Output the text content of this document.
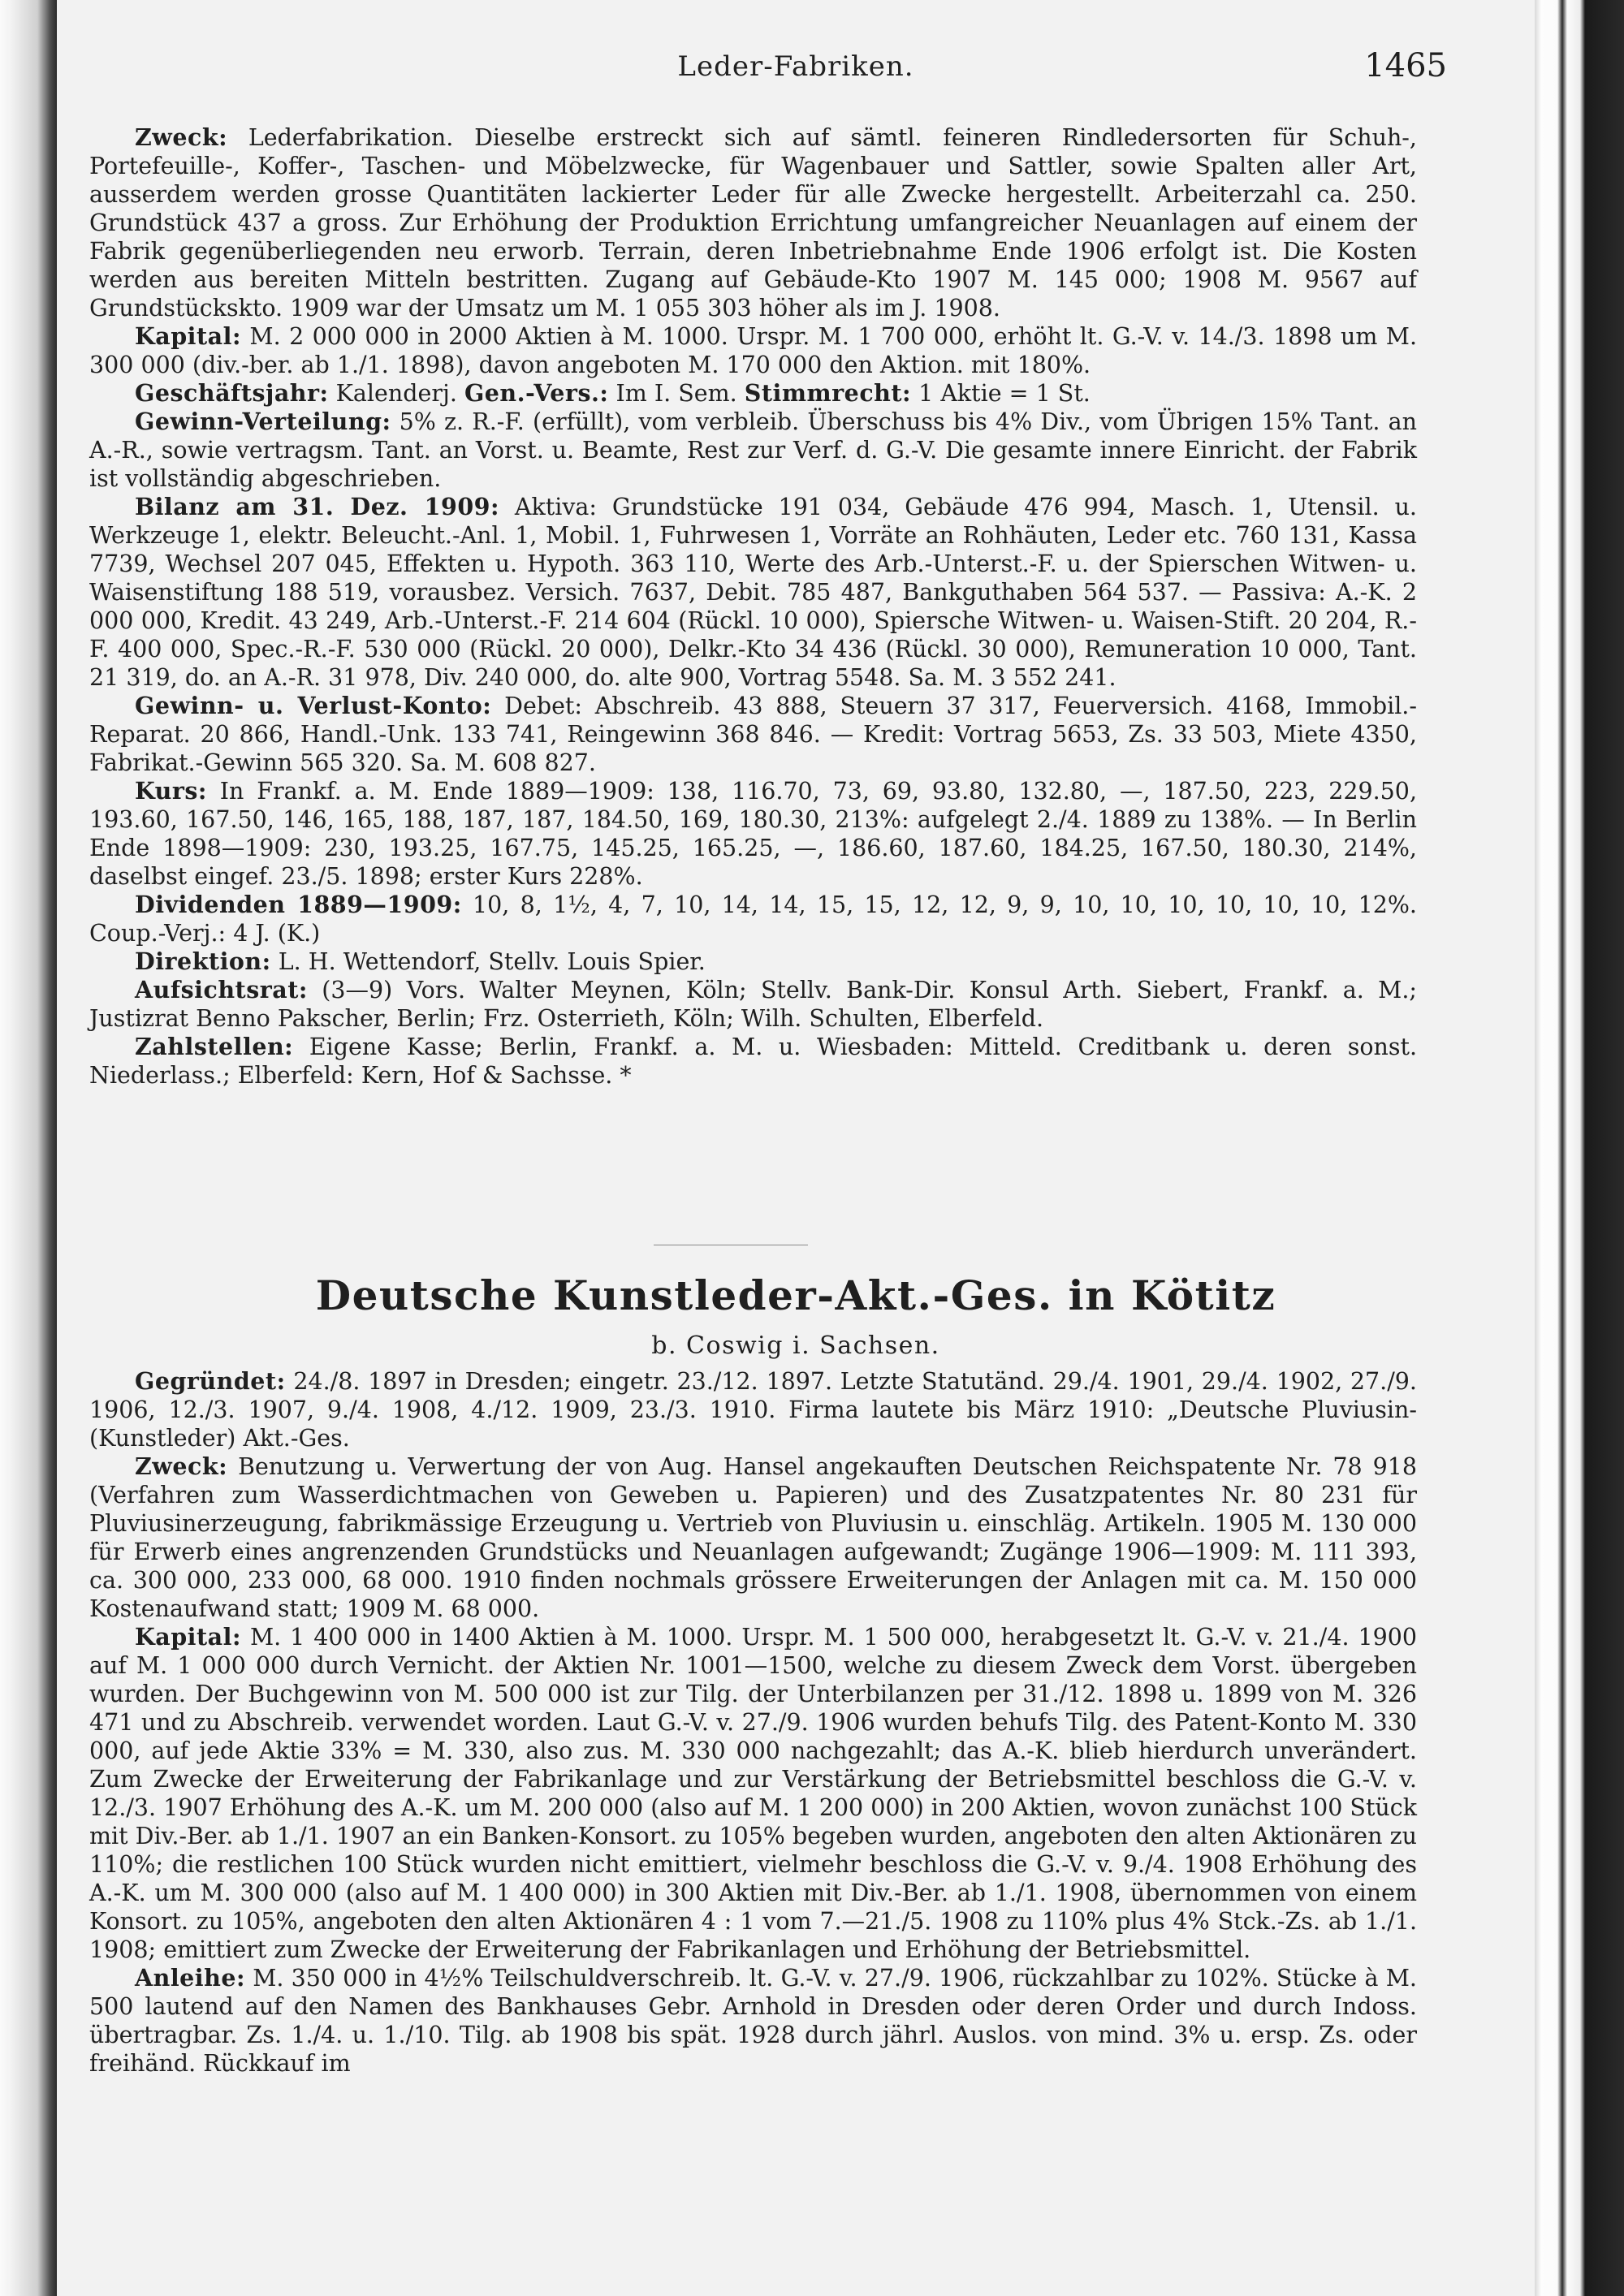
Leder-Fabriken.	1465

Zweck: Lederfabrikation. Dieselbe erstreckt sich auf sämtl. feineren Rindledersorten für Schuh-, Portefeuille-, Koffer-, Taschen- und Möbelzwecke, für Wagenbauer und Sattler, sowie Spalten aller Art, ausserdem werden grosse Quantitäten lackierter Leder für alle Zwecke hergestellt. Arbeiterzahl ca. 250. Grundstück 437 a gross. Zur Erhöhung der Produktion Errichtung umfangreicher Neuanlagen auf einem der Fabrik gegenüberliegenden neu erworb. Terrain, deren Inbetriebnahme Ende 1906 erfolgt ist. Die Kosten werden aus bereiten Mitteln bestritten. Zugang auf Gebäude-Kto 1907 M. 145 000; 1908 M. 9567 auf Grundstückskto. 1909 war der Umsatz um M. 1 055 303 höher als im J. 1908.

Kapital: M. 2 000 000 in 2000 Aktien à M. 1000. Urspr. M. 1 700 000, erhöht lt. G.-V. v. 14./3. 1898 um M. 300 000 (div.-ber. ab 1./1. 1898), davon angeboten M. 170 000 den Aktion. mit 180%.

Geschäftsjahr: Kalenderj. Gen.-Vers.: Im I. Sem. Stimmrecht: 1 Aktie = 1 St.

Gewinn-Verteilung: 5% z. R.-F. (erfüllt), vom verbleib. Überschuss bis 4% Div., vom Übrigen 15% Tant. an A.-R., sowie vertragsm. Tant. an Vorst. u. Beamte, Rest zur Verf. d. G.-V. Die gesamte innere Einricht. der Fabrik ist vollständig abgeschrieben.

Bilanz am 31. Dez. 1909: Aktiva: Grundstücke 191 034, Gebäude 476 994, Masch. 1, Utensil. u. Werkzeuge 1, elektr. Beleucht.-Anl. 1, Mobil. 1, Fuhrwesen 1, Vorräte an Rohhäuten, Leder etc. 760 131, Kassa 7739, Wechsel 207 045, Effekten u. Hypoth. 363 110, Werte des Arb.-Unterst.-F. u. der Spierschen Witwen- u. Waisenstiftung 188 519, vorausbez. Versich. 7637, Debit. 785 487, Bankguthaben 564 537. — Passiva: A.-K. 2 000 000, Kredit. 43 249, Arb.-Unterst.-F. 214 604 (Rückl. 10 000), Spiersche Witwen- u. Waisen-Stift. 20 204, R.-F. 400 000, Spec.-R.-F. 530 000 (Rückl. 20 000), Delkr.-Kto 34 436 (Rückl. 30 000), Remuneration 10 000, Tant. 21 319, do. an A.-R. 31 978, Div. 240 000, do. alte 900, Vortrag 5548. Sa. M. 3 552 241.

Gewinn- u. Verlust-Konto: Debet: Abschreib. 43 888, Steuern 37 317, Feuerversich. 4168, Immobil.-Reparat. 20 866, Handl.-Unk. 133 741, Reingewinn 368 846. — Kredit: Vortrag 5653, Zs. 33 503, Miete 4350, Fabrikat.-Gewinn 565 320. Sa. M. 608 827.

Kurs: In Frankf. a. M. Ende 1889—1909: 138, 116.70, 73, 69, 93.80, 132.80, —, 187.50, 223, 229.50, 193.60, 167.50, 146, 165, 188, 187, 187, 184.50, 169, 180.30, 213%: aufgelegt 2./4. 1889 zu 138%. — In Berlin Ende 1898—1909: 230, 193.25, 167.75, 145.25, 165.25, —, 186.60, 187.60, 184.25, 167.50, 180.30, 214%, daselbst eingef. 23./5. 1898; erster Kurs 228%.

Dividenden 1889—1909: 10, 8, 1½, 4, 7, 10, 14, 14, 15, 15, 12, 12, 9, 9, 10, 10, 10, 10, 10, 10, 12%. Coup.-Verj.: 4 J. (K.)

Direktion: L. H. Wettendorf, Stellv. Louis Spier.

Aufsichtsrat: (3—9) Vors. Walter Meynen, Köln; Stellv. Bank-Dir. Konsul Arth. Siebert, Frankf. a. M.; Justizrat Benno Pakscher, Berlin; Frz. Osterrieth, Köln; Wilh. Schulten, Elberfeld.

Zahlstellen: Eigene Kasse; Berlin, Frankf. a. M. u. Wiesbaden: Mitteld. Creditbank u. deren sonst. Niederlass.; Elberfeld: Kern, Hof & Sachsse. *

Deutsche Kunstleder-Akt.-Ges. in Kötitz
b. Coswig i. Sachsen.

Gegründet: 24./8. 1897 in Dresden; eingetr. 23./12. 1897. Letzte Statutänd. 29./4. 1901, 29./4. 1902, 27./9. 1906, 12./3. 1907, 9./4. 1908, 4./12. 1909, 23./3. 1910. Firma lautete bis März 1910: „Deutsche Pluviusin- (Kunstleder) Akt.-Ges.

Zweck: Benutzung u. Verwertung der von Aug. Hansel angekauften Deutschen Reichspatente Nr. 78 918 (Verfahren zum Wasserdichtmachen von Geweben u. Papieren) und des Zusatzpatentes Nr. 80 231 für Pluviusinerzeugung, fabrikmässige Erzeugung u. Vertrieb von Pluviusin u. einschläg. Artikeln. 1905 M. 130 000 für Erwerb eines angrenzenden Grundstücks und Neuanlagen aufgewandt; Zugänge 1906—1909: M. 111 393, ca. 300 000, 233 000, 68 000. 1910 finden nochmals grössere Erweiterungen der Anlagen mit ca. M. 150 000 Kostenaufwand statt; 1909 M. 68 000.

Kapital: M. 1 400 000 in 1400 Aktien à M. 1000. Urspr. M. 1 500 000, herabgesetzt lt. G.-V. v. 21./4. 1900 auf M. 1 000 000 durch Vernicht. der Aktien Nr. 1001—1500, welche zu diesem Zweck dem Vorst. übergeben wurden. Der Buchgewinn von M. 500 000 ist zur Tilg. der Unterbilanzen per 31./12. 1898 u. 1899 von M. 326 471 und zu Abschreib. verwendet worden. Laut G.-V. v. 27./9. 1906 wurden behufs Tilg. des Patent-Konto M. 330 000, auf jede Aktie 33% = M. 330, also zus. M. 330 000 nachgezahlt; das A.-K. blieb hierdurch unverändert. Zum Zwecke der Erweiterung der Fabrikanlage und zur Verstärkung der Betriebsmittel beschloss die G.-V. v. 12./3. 1907 Erhöhung des A.-K. um M. 200 000 (also auf M. 1 200 000) in 200 Aktien, wovon zunächst 100 Stück mit Div.-Ber. ab 1./1. 1907 an ein Banken-Konsort. zu 105% begeben wurden, angeboten den alten Aktionären zu 110%; die restlichen 100 Stück wurden nicht emittiert, vielmehr beschloss die G.-V. v. 9./4. 1908 Erhöhung des A.-K. um M. 300 000 (also auf M. 1 400 000) in 300 Aktien mit Div.-Ber. ab 1./1. 1908, übernommen von einem Konsort. zu 105%, angeboten den alten Aktionären 4 : 1 vom 7.—21./5. 1908 zu 110% plus 4% Stck.-Zs. ab 1./1. 1908; emittiert zum Zwecke der Erweiterung der Fabrikanlagen und Erhöhung der Betriebsmittel.

Anleihe: M. 350 000 in 4½% Teilschuldverschreib. lt. G.-V. v. 27./9. 1906, rückzahlbar zu 102%. Stücke à M. 500 lautend auf den Namen des Bankhauses Gebr. Arnhold in Dresden oder deren Order und durch Indoss. übertragbar. Zs. 1./4. u. 1./10. Tilg. ab 1908 bis spät. 1928 durch jährl. Auslos. von mind. 3% u. ersp. Zs. oder freihänd. Rückkauf im
